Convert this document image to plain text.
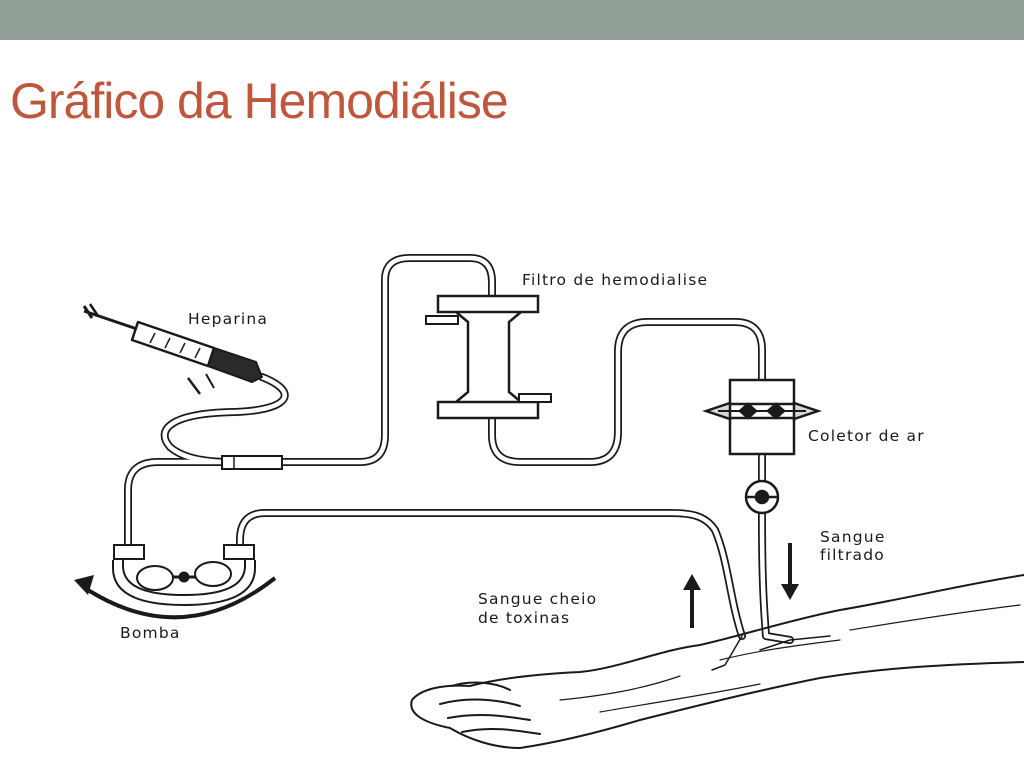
Gráfico da Hemodiálise
Filtro de hemodialise
Heparina
Coletor de ar
Sangue
filtrado
Sangue cheio
de toxinas
Bomba
